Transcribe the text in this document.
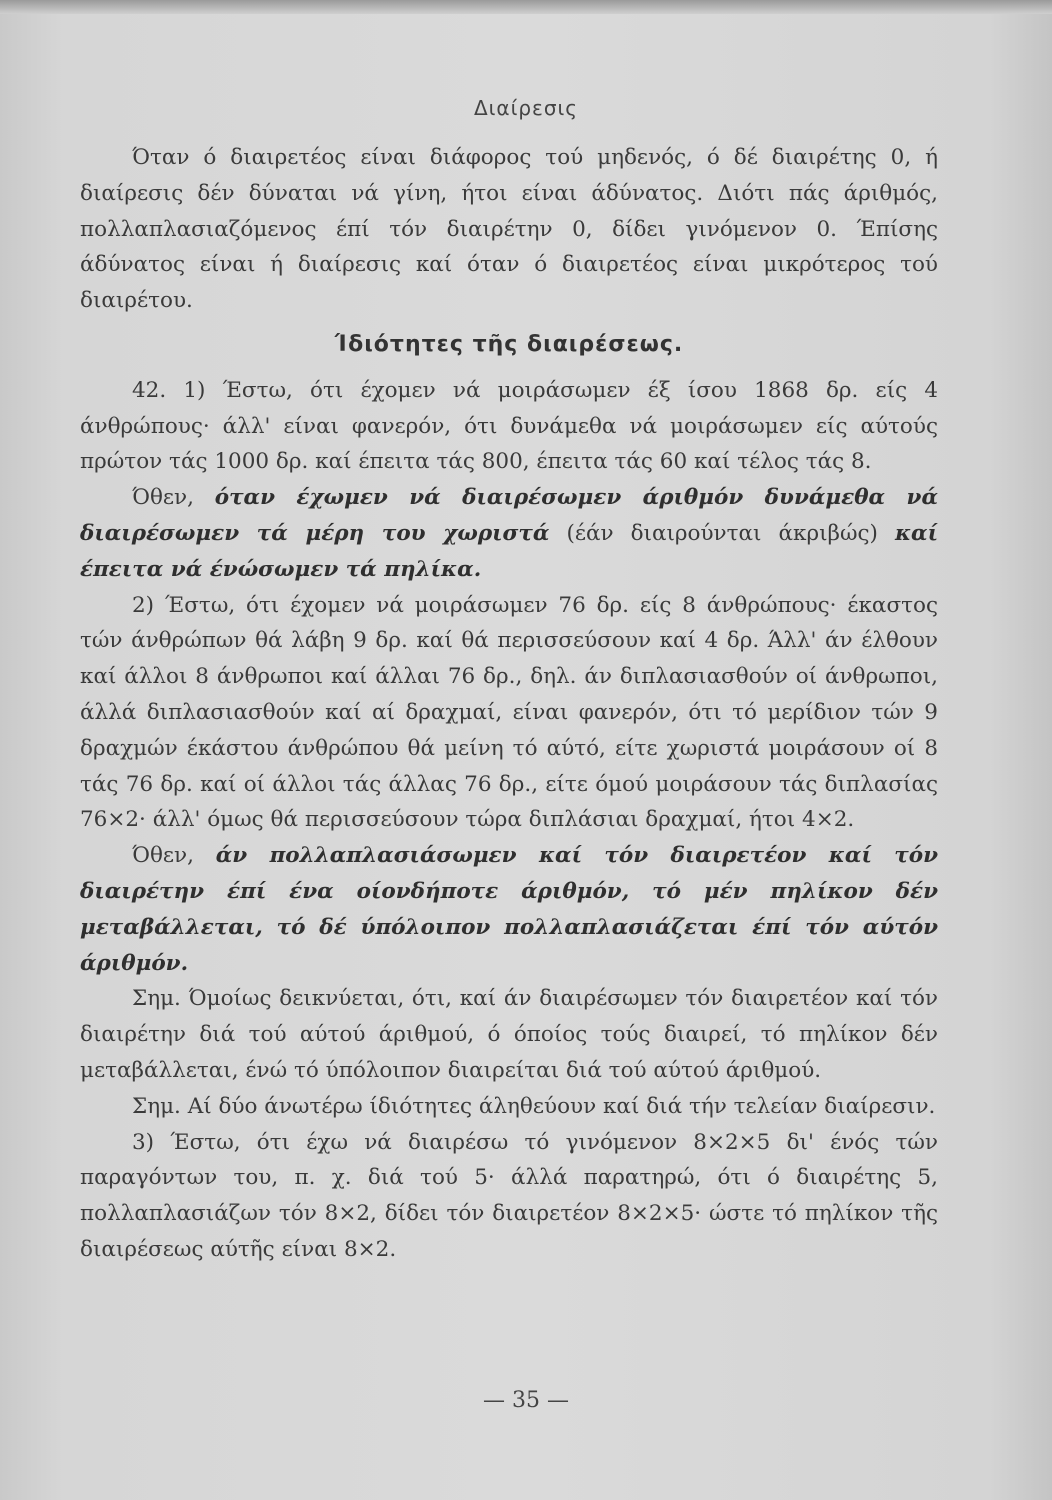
Διαίρεσις

Όταν ό διαιρετέος είναι διάφορος τού μηδενός, ό δέ διαιρέτης 0, ή διαίρεσις δέν δύναται νά γίνη, ήτοι είναι άδύνατος. Διότι πάς άριθμός, πολλαπλασιαζόμενος έπί τόν διαιρέτην 0, δίδει γινόμενον 0. Έπίσης άδύνατος είναι ή διαίρεσις καί όταν ό διαιρετέος είναι μικρότερος τού διαιρέτου.

Ίδιότητες τῆς διαιρέσεως.

42. 1) Έστω, ότι έχομεν νά μοιράσωμεν έξ ίσου 1868 δρ. είς 4 άνθρώπους· άλλ' είναι φανερόν, ότι δυνάμεθα νά μοιράσωμεν είς αύτούς πρώτον τάς 1000 δρ. καί έπειτα τάς 800, έπειτα τάς 60 καί τέλος τάς 8.

Όθεν, όταν έχωμεν νά διαιρέσωμεν άριθμόν δυνάμεθα νά διαιρέσωμεν τά μέρη του χωριστά (έάν διαιρούνται άκριβώς) καί έπειτα νά ένώσωμεν τά πηλίκα.

2) Έστω, ότι έχομεν νά μοιράσωμεν 76 δρ. είς 8 άνθρώπους· έκαστος τών άνθρώπων θά λάβη 9 δρ. καί θά περισσεύσουν καί 4 δρ. Άλλ' άν έλθουν καί άλλοι 8 άνθρωποι καί άλλαι 76 δρ., δηλ. άν διπλασιασθούν οί άνθρωποι, άλλά διπλασιασθούν καί αί δραχμαί, είναι φανερόν, ότι τό μερίδιον τών 9 δραχμών έκάστου άνθρώπου θά μείνη τό αύτό, είτε χωριστά μοιράσουν οί 8 τάς 76 δρ. καί οί άλλοι τάς άλλας 76 δρ., είτε όμού μοιράσουν τάς διπλασίας 76×2· άλλ' όμως θά περισσεύσουν τώρα διπλάσιαι δραχμαί, ήτοι 4×2.

Όθεν, άν πολλαπλασιάσωμεν καί τόν διαιρετέον καί τόν διαιρέτην έπί ένα οίονδήποτε άριθμόν, τό μέν πηλίκον δέν μεταβάλλεται, τό δέ ύπόλοιπον πολλαπλασιάζεται έπί τόν αύτόν άριθμόν.

Σημ. Όμοίως δεικνύεται, ότι, καί άν διαιρέσωμεν τόν διαιρετέον καί τόν διαιρέτην διά τού αύτού άριθμού, ό όποίος τούς διαιρεί, τό πηλίκον δέν μεταβάλλεται, ένώ τό ύπόλοιπον διαιρείται διά τού αύτού άριθμού.

Σημ. Αί δύο άνωτέρω ίδιότητες άληθεύουν καί διά τήν τελείαν διαίρεσιν.

3) Έστω, ότι έχω νά διαιρέσω τό γινόμενον 8×2×5 δι' ένός τών παραγόντων του, π. χ. διά τού 5· άλλά παρατηρώ, ότι ό διαιρέτης 5, πολλαπλασιάζων τόν 8×2, δίδει τόν διαιρετέον 8×2×5· ώστε τό πηλίκον τῆς διαιρέσεως αύτῆς είναι 8×2.

— 35 —
